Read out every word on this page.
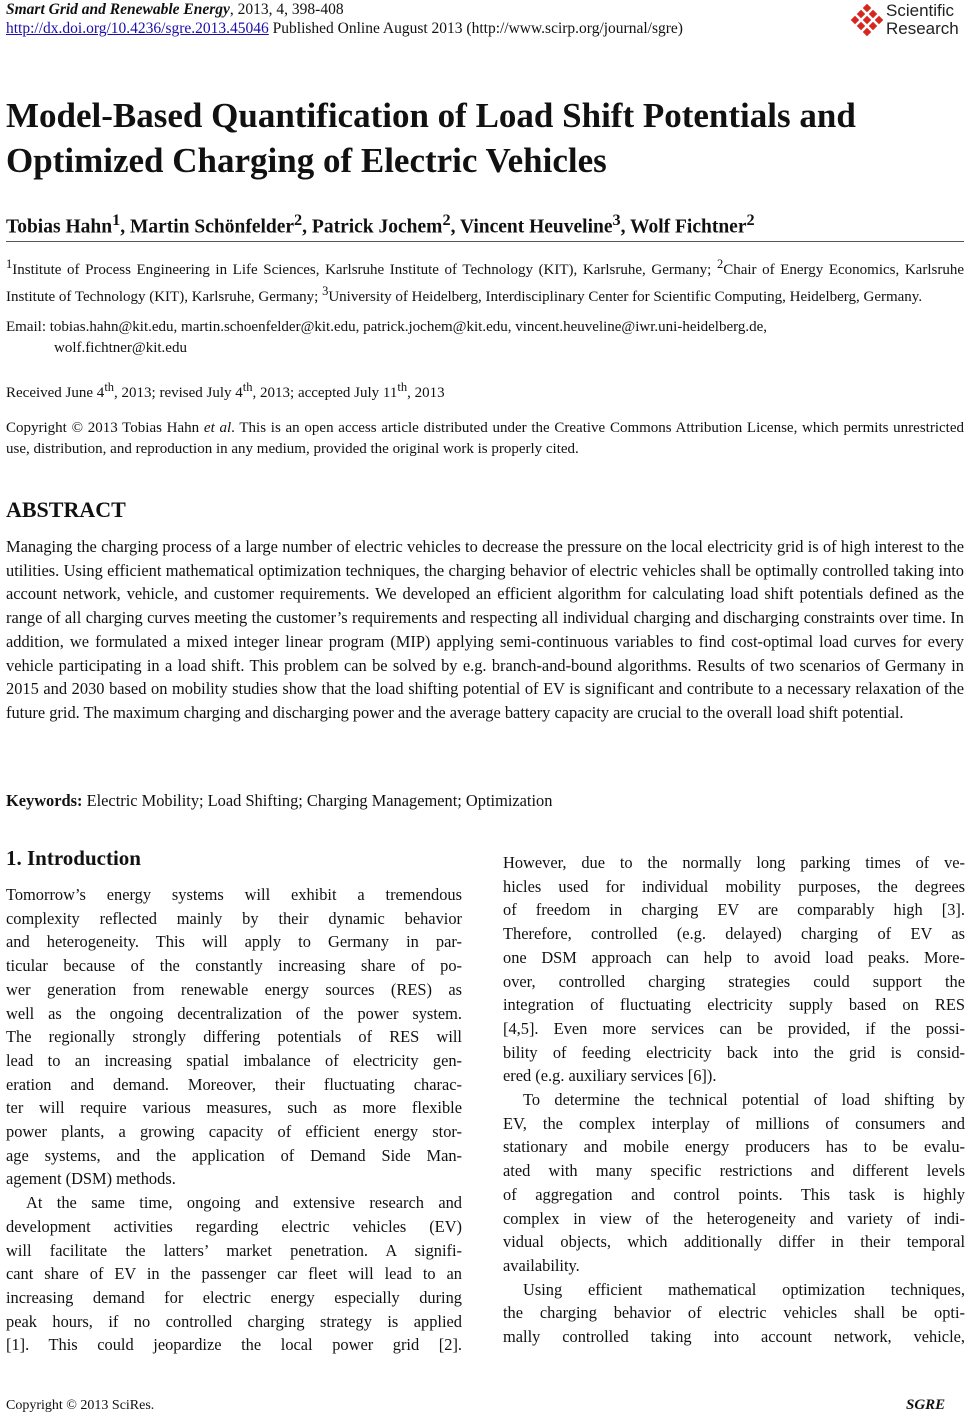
Smart Grid and Renewable Energy, 2013, 4, 398-408
http://dx.doi.org/10.4236/sgre.2013.45046 Published Online August 2013 (http://www.scirp.org/journal/sgre)
Scientific
Research
Model-Based Quantification of Load Shift Potentials and
Optimized Charging of Electric Vehicles
Tobias Hahn$^1$, Martin Schönfelder$^2$, Patrick Jochem$^2$, Vincent Heuveline$^3$, Wolf Fichtner$^2$
$^1$Institute of Process Engineering in Life Sciences, Karlsruhe Institute of Technology (KIT), Karlsruhe, Germany; $^2$Chair of Energy Economics, Karlsruhe Institute of Technology (KIT), Karlsruhe, Germany; $^3$University of Heidelberg, Interdisciplinary Center for Scientific Computing, Heidelberg, Germany.
Email: tobias.hahn@kit.edu, martin.schoenfelder@kit.edu, patrick.jochem@kit.edu, vincent.heuveline@iwr.uni-heidelberg.de,
wolf.fichtner@kit.edu
Received June 4th, 2013; revised July 4th, 2013; accepted July 11th, 2013
Copyright © 2013 Tobias Hahn et al. This is an open access article distributed under the Creative Commons Attribution License, which permits unrestricted use, distribution, and reproduction in any medium, provided the original work is properly cited.
ABSTRACT
Managing the charging process of a large number of electric vehicles to decrease the pressure on the local electricity grid is of high interest to the utilities. Using efficient mathematical optimization techniques, the charging behavior of electric vehicles shall be optimally controlled taking into account network, vehicle, and customer requirements. We developed an efficient algorithm for calculating load shift potentials defined as the range of all charging curves meeting the customer’s requirements and respecting all individual charging and discharging constraints over time. In addition, we formulated a mixed integer linear program (MIP) applying semi-continuous variables to find cost-optimal load curves for every vehicle participating in a load shift. This problem can be solved by e.g. branch-and-bound algorithms. Results of two scenarios of Germany in 2015 and 2030 based on mobility studies show that the load shifting potential of EV is significant and contribute to a necessary relaxation of the future grid. The maximum charging and discharging power and the average battery capacity are crucial to the overall load shift potential.
Keywords: Electric Mobility; Load Shifting; Charging Management; Optimization
1. Introduction
Tomorrow’s energy systems will exhibit a tremendous
complexity reflected mainly by their dynamic behavior
and heterogeneity. This will apply to Germany in par-
ticular because of the constantly increasing share of po-
wer generation from renewable energy sources (RES) as
well as the ongoing decentralization of the power system.
The regionally strongly differing potentials of RES will
lead to an increasing spatial imbalance of electricity gen-
eration and demand. Moreover, their fluctuating charac-
ter will require various measures, such as more flexible
power plants, a growing capacity of efficient energy stor-
age systems, and the application of Demand Side Man-
agement (DSM) methods.
At the same time, ongoing and extensive research and
development activities regarding electric vehicles (EV)
will facilitate the latters’ market penetration. A signifi-
cant share of EV in the passenger car fleet will lead to an
increasing demand for electric energy especially during
peak hours, if no controlled charging strategy is applied
[1]. This could jeopardize the local power grid [2].
However, due to the normally long parking times of ve-
hicles used for individual mobility purposes, the degrees
of freedom in charging EV are comparably high [3].
Therefore, controlled (e.g. delayed) charging of EV as
one DSM approach can help to avoid load peaks. More-
over, controlled charging strategies could support the
integration of fluctuating electricity supply based on RES
[4,5]. Even more services can be provided, if the possi-
bility of feeding electricity back into the grid is consid-
ered (e.g. auxiliary services [6]).
To determine the technical potential of load shifting by
EV, the complex interplay of millions of consumers and
stationary and mobile energy producers has to be evalu-
ated with many specific restrictions and different levels
of aggregation and control points. This task is highly
complex in view of the heterogeneity and variety of indi-
vidual objects, which additionally differ in their temporal
availability.
Using efficient mathematical optimization techniques,
the charging behavior of electric vehicles shall be opti-
mally controlled taking into account network, vehicle,
Copyright © 2013 SciRes.	SGRE
